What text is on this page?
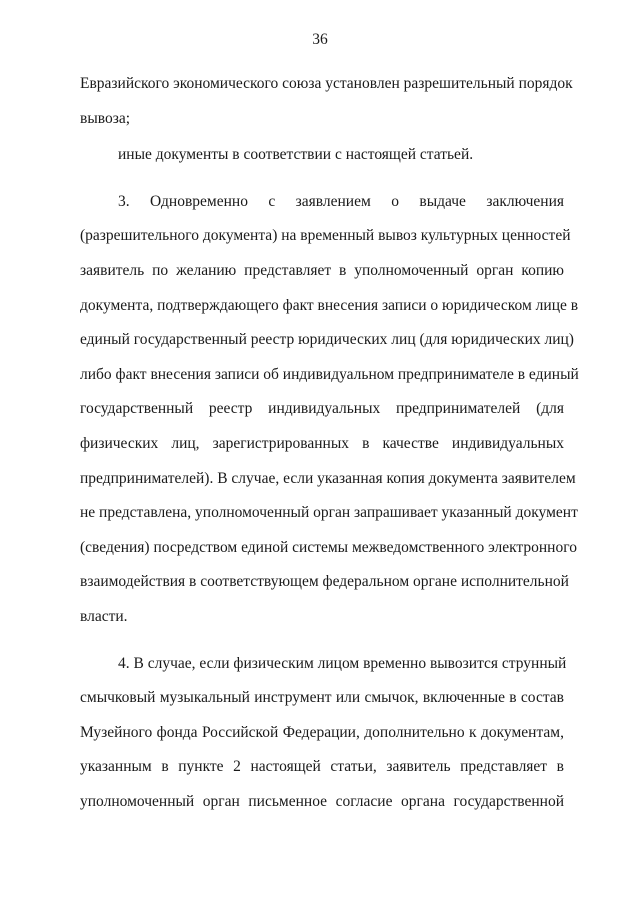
36
Евразийского экономического союза установлен разрешительный порядок
вывоза;
иные документы в соответствии с настоящей статьей.
3. Одновременно с заявлением о выдаче заключения
(разрешительного документа) на временный вывоз культурных ценностей
заявитель по желанию представляет в уполномоченный орган копию
документа, подтверждающего факт внесения записи о юридическом лице в
единый государственный реестр юридических лиц (для юридических лиц)
либо факт внесения записи об индивидуальном предпринимателе в единый
государственный реестр индивидуальных предпринимателей (для
физических лиц, зарегистрированных в качестве индивидуальных
предпринимателей). В случае, если указанная копия документа заявителем
не представлена, уполномоченный орган запрашивает указанный документ
(сведения) посредством единой системы межведомственного электронного
взаимодействия в соответствующем федеральном органе исполнительной
власти.
4. В случае, если физическим лицом временно вывозится струнный
смычковый музыкальный инструмент или смычок, включенные в состав
Музейного фонда Российской Федерации, дополнительно к документам,
указанным в пункте 2 настоящей статьи, заявитель представляет в
уполномоченный орган письменное согласие органа государственной
